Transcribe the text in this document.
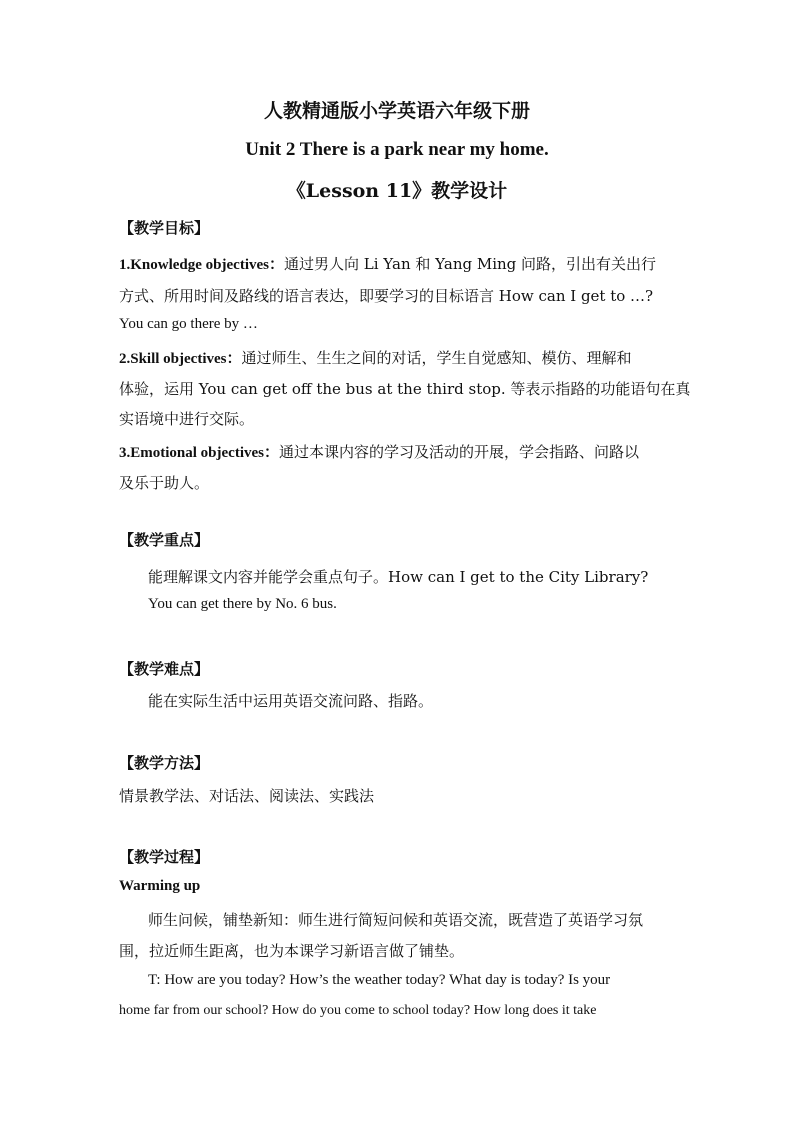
人教精通版小学英语六年级下册
Unit 2 There is a park near my home.
《Lesson 11》教学设计
【教学目标】
1.Knowledge objectives：通过男人向 Li Yan 和 Yang Ming 问路，引出有关出行
方式、所用时间及路线的语言表达，即要学习的目标语言 How can I get to …?
You can go there by …
2.Skill objectives：通过师生、生生之间的对话，学生自觉感知、模仿、理解和
体验，运用 You can get off the bus at the third stop. 等表示指路的功能语句在真
实语境中进行交际。
3.Emotional objectives：通过本课内容的学习及活动的开展，学会指路、问路以
及乐于助人。
【教学重点】
能理解课文内容并能学会重点句子。How can I get to the City Library?
You can get there by No. 6 bus.
【教学难点】
能在实际生活中运用英语交流问路、指路。
【教学方法】
情景教学法、对话法、阅读法、实践法
【教学过程】
Warming up
师生问候，铺垫新知：师生进行简短问候和英语交流，既营造了英语学习氛
围，拉近师生距离，也为本课学习新语言做了铺垫。
T: How are you today? How’s the weather today? What day is today? Is your
home far from our school? How do you come to school today? How long does it take
